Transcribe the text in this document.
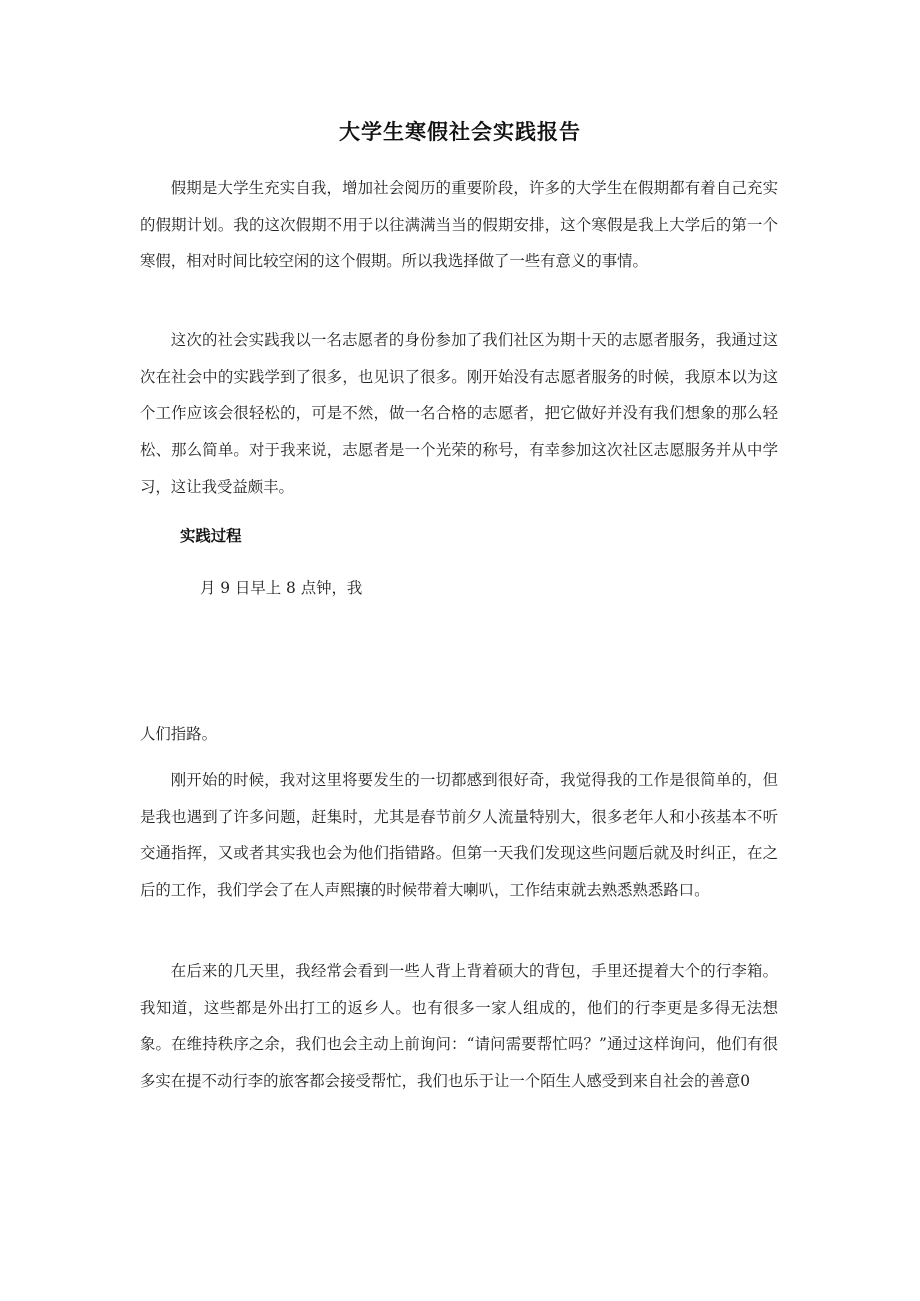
大学生寒假社会实践报告

假期是大学生充实自我，增加社会阅历的重要阶段，许多的大学生在假期都有着自己充实的假期计划。我的这次假期不用于以往满满当当的假期安排，这个寒假是我上大学后的第一个寒假，相对时间比较空闲的这个假期。所以我选择做了一些有意义的事情。

这次的社会实践我以一名志愿者的身份参加了我们社区为期十天的志愿者服务，我通过这次在社会中的实践学到了很多，也见识了很多。刚开始没有志愿者服务的时候，我原本以为这个工作应该会很轻松的，可是不然，做一名合格的志愿者，把它做好并没有我们想象的那么轻松、那么简单。对于我来说，志愿者是一个光荣的称号，有幸参加这次社区志愿服务并从中学习，这让我受益颇丰。

实践过程
月 9 日早上 8 点钟，我

人们指路。

刚开始的时候，我对这里将要发生的一切都感到很好奇，我觉得我的工作是很简单的，但是我也遇到了许多问题，赶集时，尤其是春节前夕人流量特别大，很多老年人和小孩基本不听交通指挥，又或者其实我也会为他们指错路。但第一天我们发现这些问题后就及时纠正，在之后的工作，我们学会了在人声熙攘的时候带着大喇叭，工作结束就去熟悉熟悉路口。

在后来的几天里，我经常会看到一些人背上背着硕大的背包，手里还提着大个的行李箱。我知道，这些都是外出打工的返乡人。也有很多一家人组成的，他们的行李更是多得无法想象。在维持秩序之余，我们也会主动上前询问：“请问需要帮忙吗？”通过这样询问，他们有很多实在提不动行李的旅客都会接受帮忙，我们也乐于让一个陌生人感受到来自社会的善意0
